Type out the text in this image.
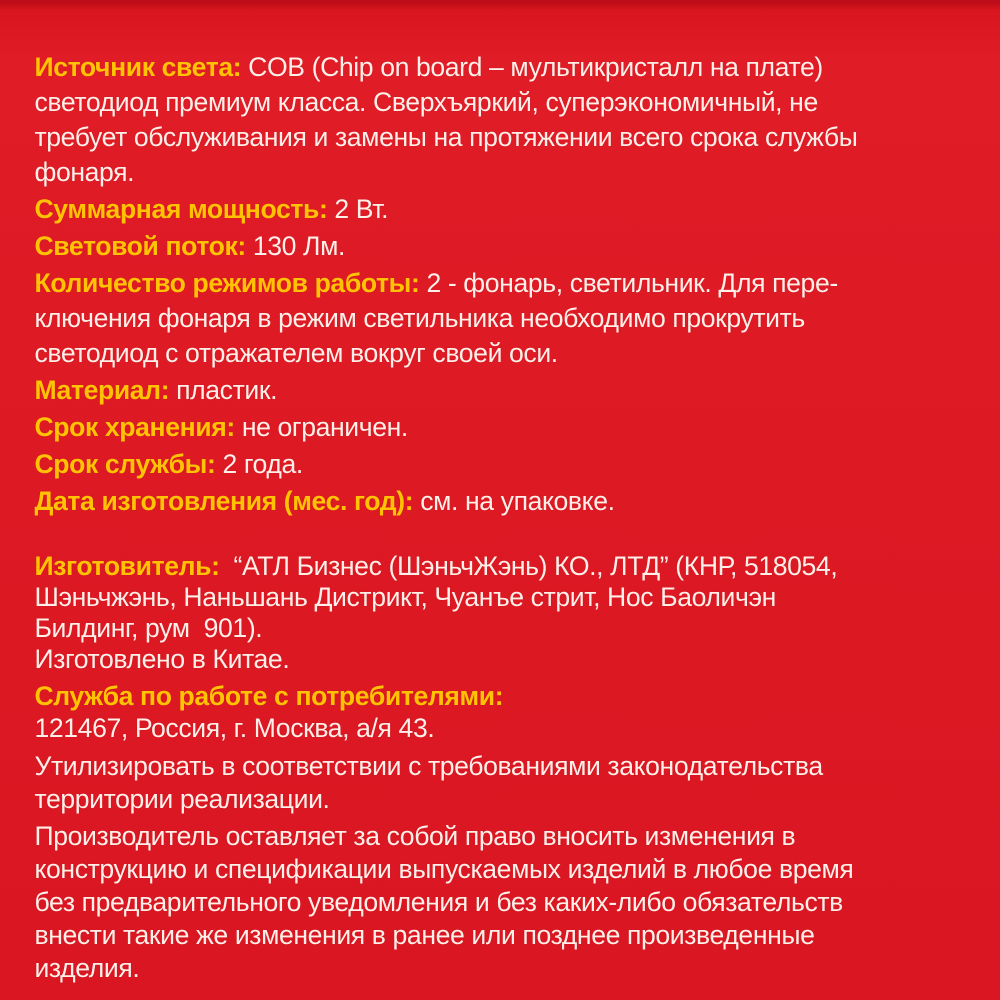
Источник света: COB (Chip on board – мультикристалл на плате)
светодиод премиум класса. Сверхъяркий, суперэкономичный, не
требует обслуживания и замены на протяжении всего срока службы
фонаря.
Суммарная мощность: 2 Вт.
Световой поток: 130 Лм.
Количество режимов работы: 2 - фонарь, светильник. Для пере-
ключения фонаря в режим светильника необходимо прокрутить
светодиод с отражателем вокруг своей оси.
Материал: пластик.
Срок хранения: не ограничен.
Срок службы: 2 года.
Дата изготовления (мес. год): см. на упаковке.
Изготовитель:  “АТЛ Бизнес (ШэньчЖэнь) КО., ЛТД” (КНР, 518054,
Шэньчжэнь, Наньшань Дистрикт, Чуанъе стрит, Нос Баоличэн
Билдинг, рум  901).
Изготовлено в Китае.
Служба по работе с потребителями:
121467, Россия, г. Москва, а/я 43.
Утилизировать в соответствии с требованиями законодательства
территории реализации.
Производитель оставляет за собой право вносить изменения в
конструкцию и спецификации выпускаемых изделий в любое время
без предварительного уведомления и без каких-либо обязательств
внести такие же изменения в ранее или позднее произведенные
изделия.
